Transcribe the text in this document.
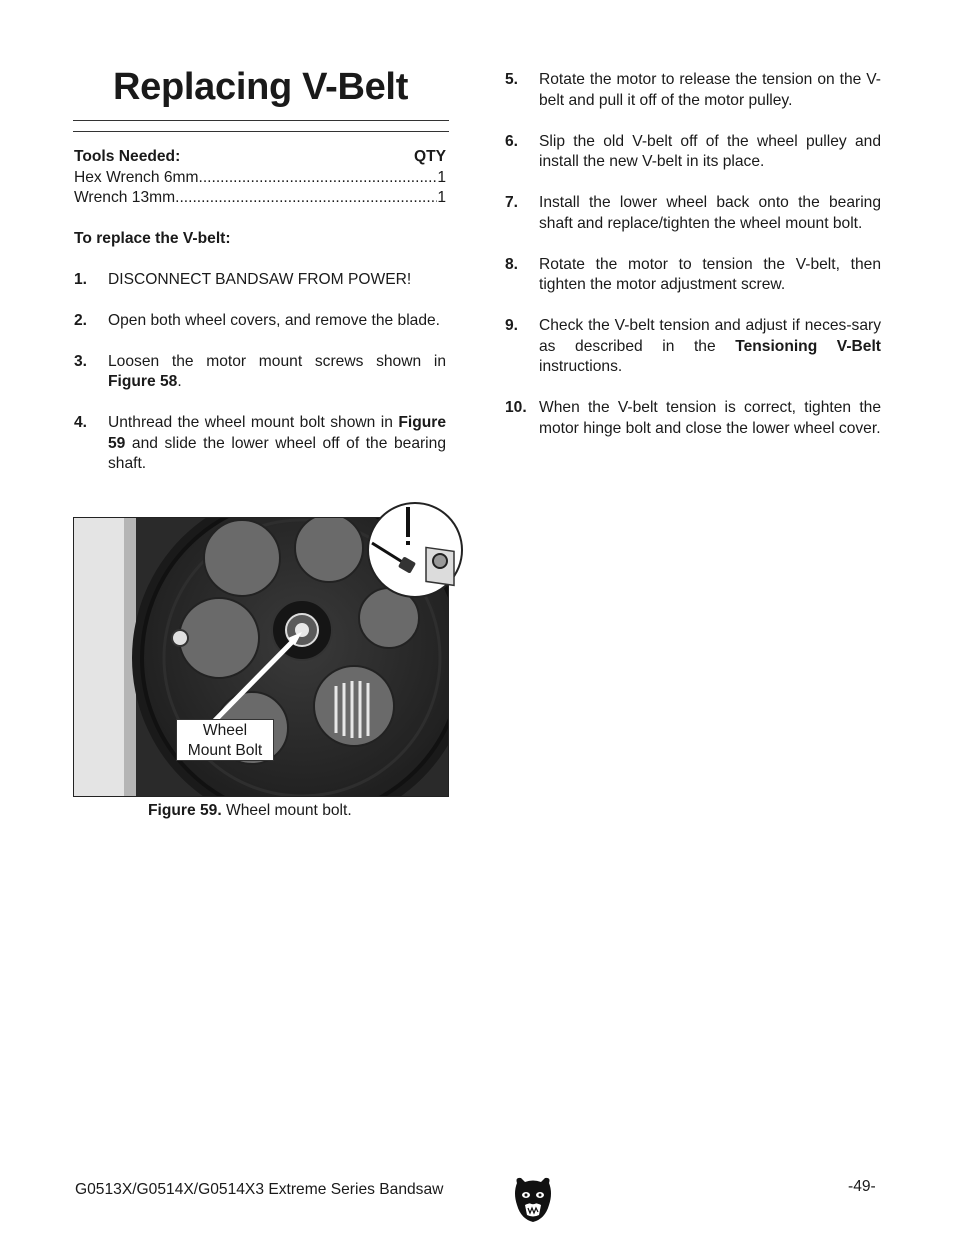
Replacing V-Belt
Tools Needed:	QTY
Hex Wrench 6mm .....	1
Wrench 13mm .....	1
To replace the V-belt:
1. DISCONNECT BANDSAW FROM POWER!
2. Open both wheel covers, and remove the blade.
3. Loosen the motor mount screws shown in Figure 58.
4. Unthread the wheel mount bolt shown in Figure 59 and slide the lower wheel off of the bearing shaft.
5. Rotate the motor to release the tension on the V-belt and pull it off of the motor pulley.
6. Slip the old V-belt off of the wheel pulley and install the new V-belt in its place.
7. Install the lower wheel back onto the bearing shaft and replace/tighten the wheel mount bolt.
8. Rotate the motor to tension the V-belt, then tighten the motor adjustment screw.
9. Check the V-belt tension and adjust if neces-sary as described in the Tensioning V-Belt instructions.
10. When the V-belt tension is correct, tighten the motor hinge bolt and close the lower wheel cover.
Wheel
Mount Bolt
Figure 59. Wheel mount bolt.
G0513X/G0514X/G0514X3 Extreme Series Bandsaw	-49-
